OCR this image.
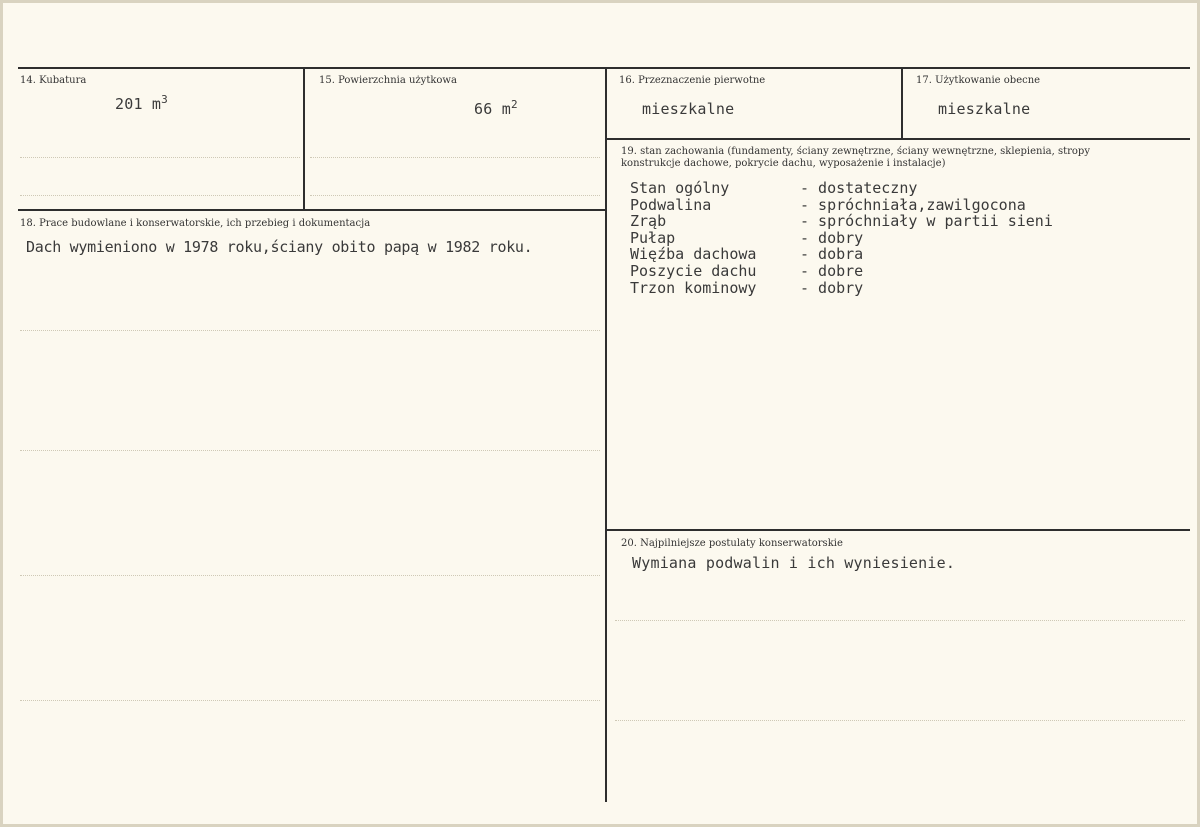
14. Kubatura
201 $m^3$
15. Powierzchnia użytkowa
66 $m^2$
16. Przeznaczenie pierwotne
mieszkalne
17. Użytkowanie obecne
mieszkalne
18. Prace budowlane i konserwatorskie, ich przebieg i dokumentacja
Dach wymieniono w 1978 roku,ściany obito papą w 1982 roku.
19. stan zachowania (fundamenty, ściany zewnętrzne, ściany wewnętrzne, sklepienia, stropy konstrukcje dachowe, pokrycie dachu, wyposażenie i instalacje)
Stan ogólny	- dostateczny
Podwalina	- spróchniała,zawilgocona
Zrąb	- spróchniały w partii sieni
Pułap	- dobry
Więźba dachowa	- dobra
Poszycie dachu	- dobre
Trzon kominowy	- dobry
20. Najpilniejsze postulaty konserwatorskie
Wymiana podwalin i ich wyniesienie.
